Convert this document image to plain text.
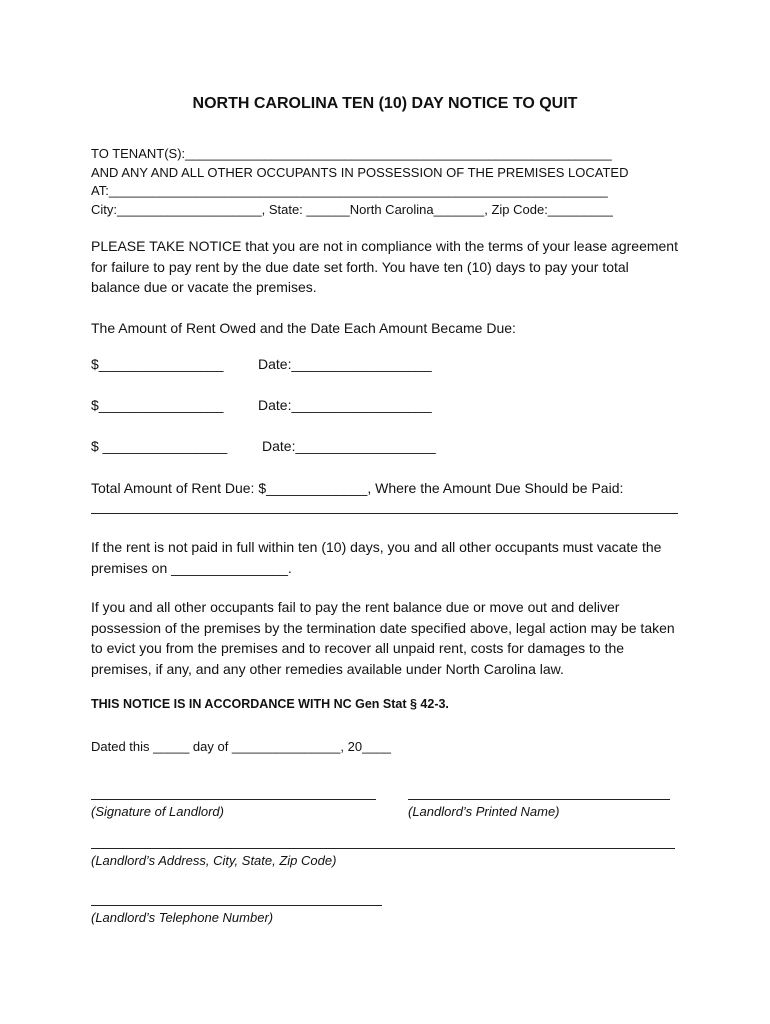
NORTH CAROLINA TEN (10) DAY NOTICE TO QUIT
TO TENANT(S):___________________________________________________________
AND ANY AND ALL OTHER OCCUPANTS IN POSSESSION OF THE PREMISES LOCATED
AT:_____________________________________________________________________
City:____________________, State: ______North Carolina_______, Zip Code:_________
PLEASE TAKE NOTICE that you are not in compliance with the terms of your lease agreement for failure to pay rent by the due date set forth. You have ten (10) days to pay your total balance due or vacate the premises.
The Amount of Rent Owed and the Date Each Amount Became Due:
$________________ Date:__________________
$________________ Date:__________________
$ ________________ Date:__________________
Total Amount of Rent Due: $_____________, Where the Amount Due Should be Paid:
If the rent is not paid in full within ten (10) days, you and all other occupants must vacate the premises on _______________.
If you and all other occupants fail to pay the rent balance due or move out and deliver possession of the premises by the termination date specified above, legal action may be taken to evict you from the premises and to recover all unpaid rent, costs for damages to the premises, if any, and any other remedies available under North Carolina law.
THIS NOTICE IS IN ACCORDANCE WITH NC Gen Stat § 42-3.
Dated this _____ day of _______________, 20____
(Signature of Landlord)	(Landlord’s Printed Name)
(Landlord’s Address, City, State, Zip Code)
(Landlord’s Telephone Number)
